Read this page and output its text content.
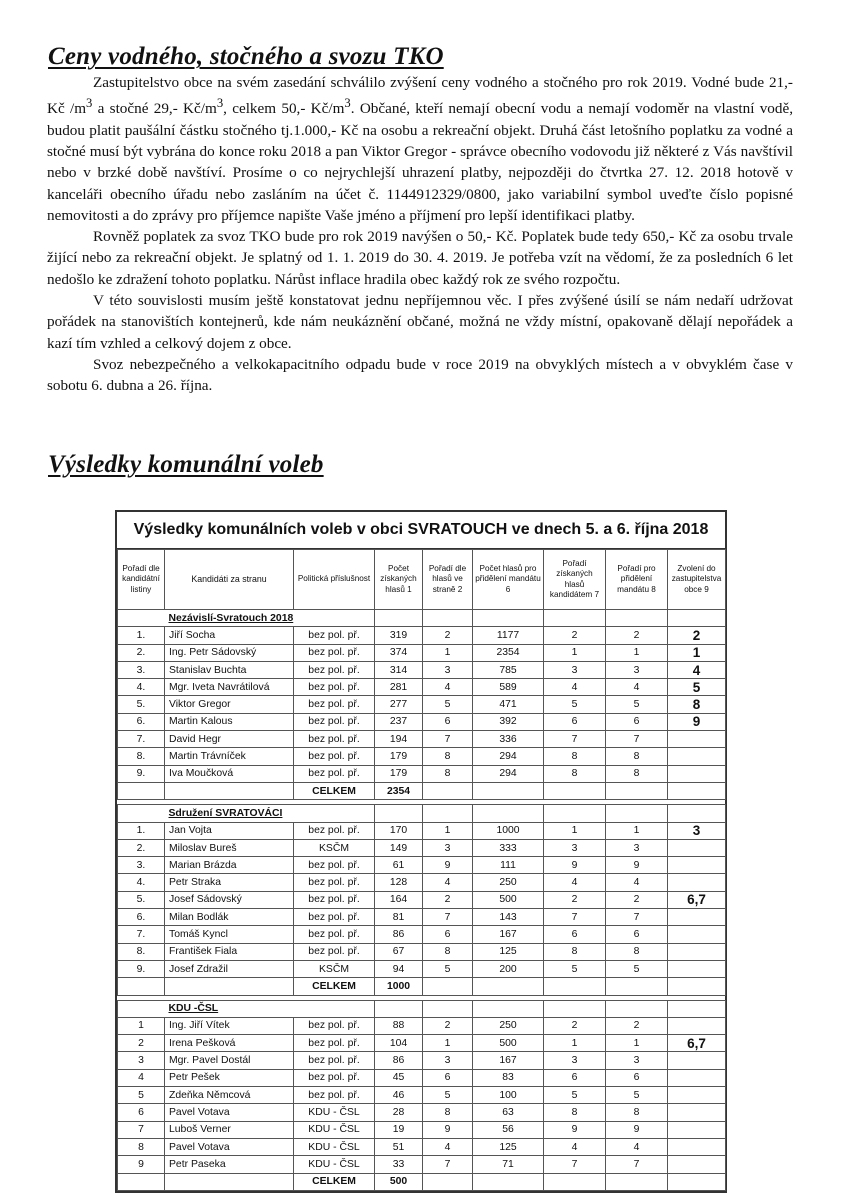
Ceny vodného, stočného a svozu TKO

Zastupitelstvo obce na svém zasedání schválilo zvýšení ceny vodného a stočného pro rok 2019. Vodné bude 21,- Kč $/m^3$ a stočné 29,- $Kč/m^3$, celkem 50,- $Kč/m^3$. Občané, kteří nemají obecní vodu a nemají vodoměr na vlastní vodě, budou platit paušální částku stočného tj.1.000,- Kč na osobu a rekreační objekt. Druhá část letošního poplatku za vodné a stočné musí být vybrána do konce roku 2018 a pan Viktor Gregor - správce obecního vodovodu již některé z Vás navštívil nebo v brzké době navštíví. Prosíme o co nejrychlejší uhrazení platby, nejpozději do čtvrtka 27. 12. 2018 hotově v kanceláři obecního úřadu nebo zasláním na účet č. 1144912329/0800, jako variabilní symbol uveďte číslo popisné nemovitosti a do zprávy pro příjemce napište Vaše jméno a příjmení pro lepší identifikaci platby.

Rovněž poplatek za svoz TKO bude pro rok 2019 navýšen o 50,- Kč. Poplatek bude tedy 650,- Kč za osobu trvale žijící nebo za rekreační objekt. Je splatný od 1. 1. 2019 do 30. 4. 2019. Je potřeba vzít na vědomí, že za posledních 6 let nedošlo ke zdražení tohoto poplatku. Nárůst inflace hradila obec každý rok ze svého rozpočtu.

V této souvislosti musím ještě konstatovat jednu nepříjemnou věc. I přes zvýšené úsilí se nám nedaří udržovat pořádek na stanovištích kontejnerů, kde nám neukáznění občané, možná ne vždy místní, opakovaně dělají nepořádek a kazí tím vzhled a celkový dojem z obce.

Svoz nebezpečného a velkokapacitního odpadu bude v roce 2019 na obvyklých místech a v obvyklém čase v sobotu 6. dubna a 26. října.

Výsledky komunální voleb
Výsledky komunálních voleb v obci SVRATOUCH ve dnech 5. a 6. října 2018
Pořadí dle kandidátní listiny	Kandidáti za stranu	Politická příslušnost	Počet získaných hlasů 1	Pořadí dle hlasů ve straně 2	Počet hlasů pro přidělení mandátu 6	Pořadí získaných hlasů kandidátem 7	Pořadí pro přidělení mandátu 8	Zvolení do zastupitelstva obce 9
	Nezávislí-Svratouch 2018							
1.	Jiří Socha	bez pol. př.	319	2	1177	2	2	2
2.	Ing. Petr Sádovský	bez pol. př.	374	1	2354	1	1	1
3.	Stanislav Buchta	bez pol. př.	314	3	785	3	3	4
4.	Mgr. Iveta Navrátilová	bez pol. př.	281	4	589	4	4	5
5.	Viktor Gregor	bez pol. př.	277	5	471	5	5	8
6.	Martin Kalous	bez pol. př.	237	6	392	6	6	9
7.	David Hegr	bez pol. př.	194	7	336	7	7	
8.	Martin Trávníček	bez pol. př.	179	8	294	8	8	
9.	Iva Moučková	bez pol. př.	179	8	294	8	8	
		CELKEM	2354					

	Sdružení SVRATOVÁCI							
1.	Jan Vojta	bez pol. př.	170	1	1000	1	1	3
2.	Miloslav Bureš	KSČM	149	3	333	3	3	
3.	Marian Brázda	bez pol. př.	61	9	111	9	9	
4.	Petr Straka	bez pol. př.	128	4	250	4	4	
5.	Josef Sádovský	bez pol. př.	164	2	500	2	2	6,7
6.	Milan Bodlák	bez pol. př.	81	7	143	7	7	
7.	Tomáš Kyncl	bez pol. př.	86	6	167	6	6	
8.	František Fiala	bez pol. př.	67	8	125	8	8	
9.	Josef Zdražil	KSČM	94	5	200	5	5	
		CELKEM	1000					

	KDU -ČSL							
1	Ing. Jiří Vítek	bez pol. př.	88	2	250	2	2	
2	Irena Pešková	bez pol. př.	104	1	500	1	1	6,7
3	Mgr. Pavel Dostál	bez pol. př.	86	3	167	3	3	
4	Petr Pešek	bez pol. př.	45	6	83	6	6	
5	Zdeňka Němcová	bez pol. př.	46	5	100	5	5	
6	Pavel Votava	KDU - ČSL	28	8	63	8	8	
7	Luboš Verner	KDU - ČSL	19	9	56	9	9	
8	Pavel Votava	KDU - ČSL	51	4	125	4	4	
9	Petr Paseka	KDU - ČSL	33	7	71	7	7	
		CELKEM	500					
